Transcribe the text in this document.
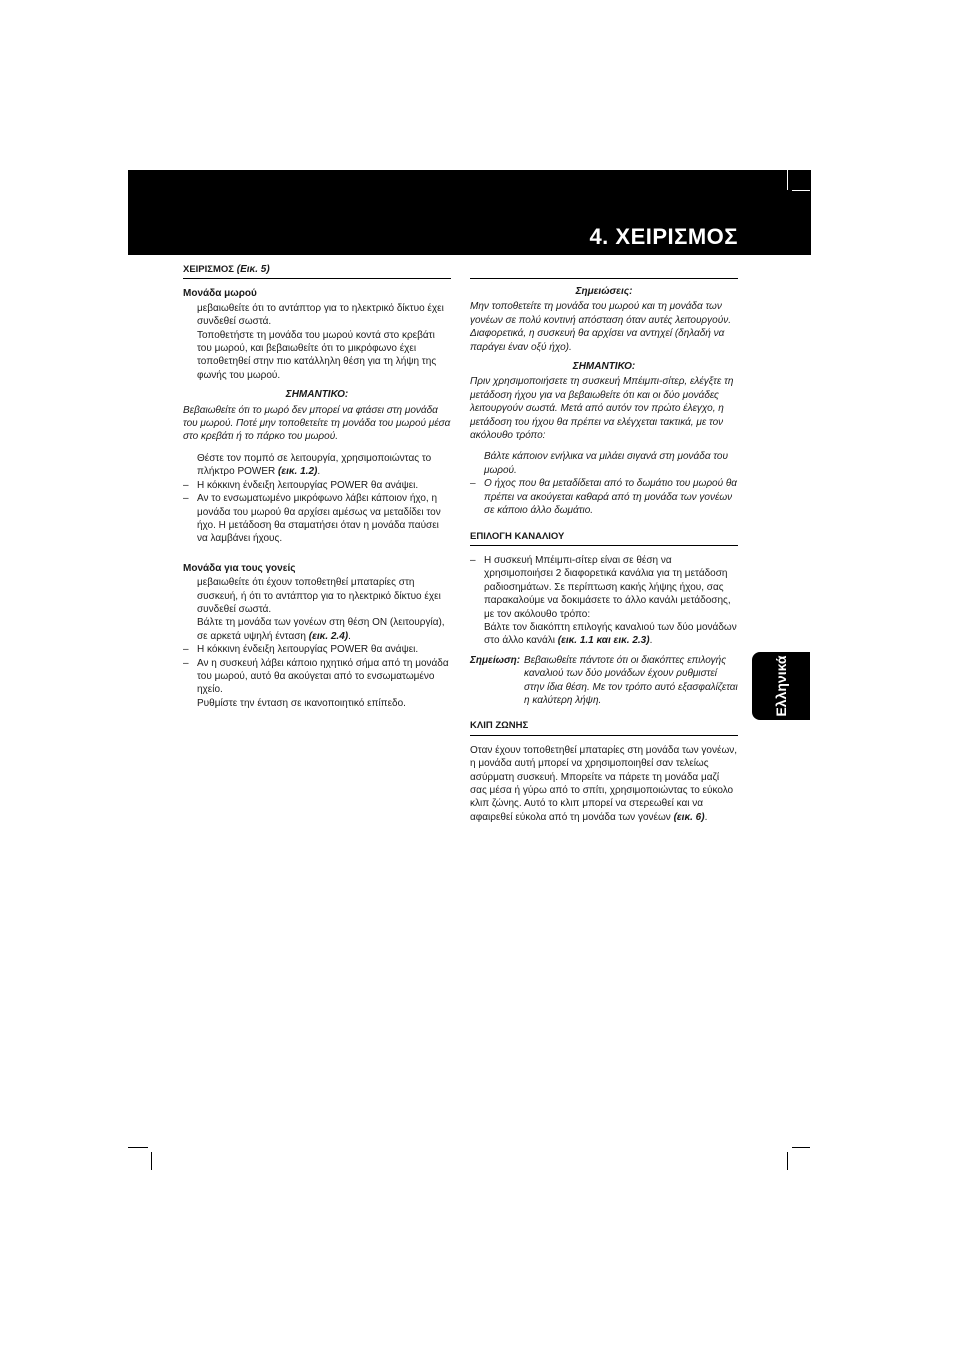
4. ΧΕΙΡΙΣΜΟΣ
ΧΕΙΡΙΣΜΟΣ (Εικ. 5)
Μονάδα μωρού

μεβαιωθείτε ότι το αντάπτορ για το ηλεκτρικό δίκτυο έχει συνδεθεί σωστά.

Τοποθετήστε τη μονάδα του μωρού κοντά στο κρεβάτι του μωρού, και βεβαιωθείτε ότι το μικρόφωνο έχει τοποθετηθεί στην πιο κατάλληλη θέση για τη λήψη της φωνής του μωρού.

ΣΗΜΑΝΤΙΚΟ:

Βεβαιωθείτε ότι το μωρό δεν μπορεί να φτάσει στη μονάδα του μωρού. Ποτέ μην τοποθετείτε τη μονάδα του μωρού μέσα στο κρεβάτι ή το πάρκο του μωρού.

Θέστε τον πομπό σε λειτουργία, χρησιμοποιώντας το πλήκτρο POWER (εικ. 1.2).

– Η κόκκινη ένδειξη λειτουργίας POWER θα ανάψει.

– Αν το ενσωματωμένο μικρόφωνο λάβει κάποιον ήχο, η μονάδα του μωρού θα αρχίσει αμέσως να μεταδίδει τον ήχο. Η μετάδοση θα σταματήσει όταν η μονάδα παύσει να λαμβάνει ήχους.

Μονάδα για τους γονείς

μεβαιωθείτε ότι έχουν τοποθετηθεί μπαταρίες στη συσκευή, ή ότι το αντάπτορ για το ηλεκτρικό δίκτυο έχει συνδεθεί σωστά.

Βάλτε τη μονάδα των γονέων στη θέση ON (λειτουργία), σε αρκετά υψηλή ένταση (εικ. 2.4).

– Η κόκκινη ένδειξη λειτουργίας POWER θα ανάψει.

– Αν η συσκευή λάβει κάποιο ηχητικό σήμα από τη μονάδα του μωρού, αυτό θα ακούγεται από το ενσωματωμένο ηχείο.

Ρυθμίστε την ένταση σε ικανοποιητικό επίπεδο.

Σημειώσεις:

Μην τοποθετείτε τη μονάδα του μωρού και τη μονάδα των γονέων σε πολύ κοντινή απόσταση όταν αυτές λειτουργούν. Διαφορετικά, η συσκευή θα αρχίσει να αντηχεί (δηλαδή να παράγει έναν οξύ ήχο).

ΣΗΜΑΝΤΙΚΟ:

Πριν χρησιμοποιήσετε τη συσκευή Μπέιμπι-σίτερ, ελέγξτε τη μετάδοση ήχου για να βεβαιωθείτε ότι και οι δύο μονάδες λειτουργούν σωστά. Μετά από αυτόν τον πρώτο έλεγχο, η μετάδοση του ήχου θα πρέπει να ελέγχεται τακτικά, με τον ακόλουθο τρόπο:

Βάλτε κάποιον ενήλικα να μιλάει σιγανά στη μονάδα του μωρού.

– Ο ήχος που θα μεταδίδεται από το δωμάτιο του μωρού θα πρέπει να ακούγεται καθαρά από τη μονάδα των γονέων σε κάποιο άλλο δωμάτιο.

ΕΠΙΛΟΓΗ ΚΑΝΑΛΙΟΥ

– Η συσκευή Μπέιμπι-σίτερ είναι σε θέση να χρησιμοποιήσει 2 διαφορετικά κανάλια για τη μετάδοση ραδιοσημάτων. Σε περίπτωση κακής λήψης ήχου, σας παρακαλούμε να δοκιμάσετε το άλλο κανάλι μετάδοσης, με τον ακόλουθο τρόπο:

Βάλτε τον διακόπτη επιλογής καναλιού των δύο μονάδων στο άλλο κανάλι (εικ. 1.1 και εικ. 2.3).

Σημείωση: Βεβαιωθείτε πάντοτε ότι οι διακόπτες επιλογής καναλιού των δύο μονάδων έχουν ρυθμιστεί στην ίδια θέση. Με τον τρόπο αυτό εξασφαλίζεται η καλύτερη λήψη.
ΚΛΙΠ ΖΩΝΗΣ

Οταν έχουν τοποθετηθεί μπαταρίες στη μονάδα των γονέων, η μονάδα αυτή μπορεί να χρησιμοποιηθεί σαν τελείως ασύρματη συσκευή. Μπορείτε να πάρετε τη μονάδα μαζί σας μέσα ή γύρω από το σπίτι, χρησιμοποιώντας το εύκολο κλιπ ζώνης. Αυτό το κλιπ μπορεί να στερεωθεί και να αφαιρεθεί εύκολα από τη μονάδα των γονέων (εικ. 6).

Ελληνικά
